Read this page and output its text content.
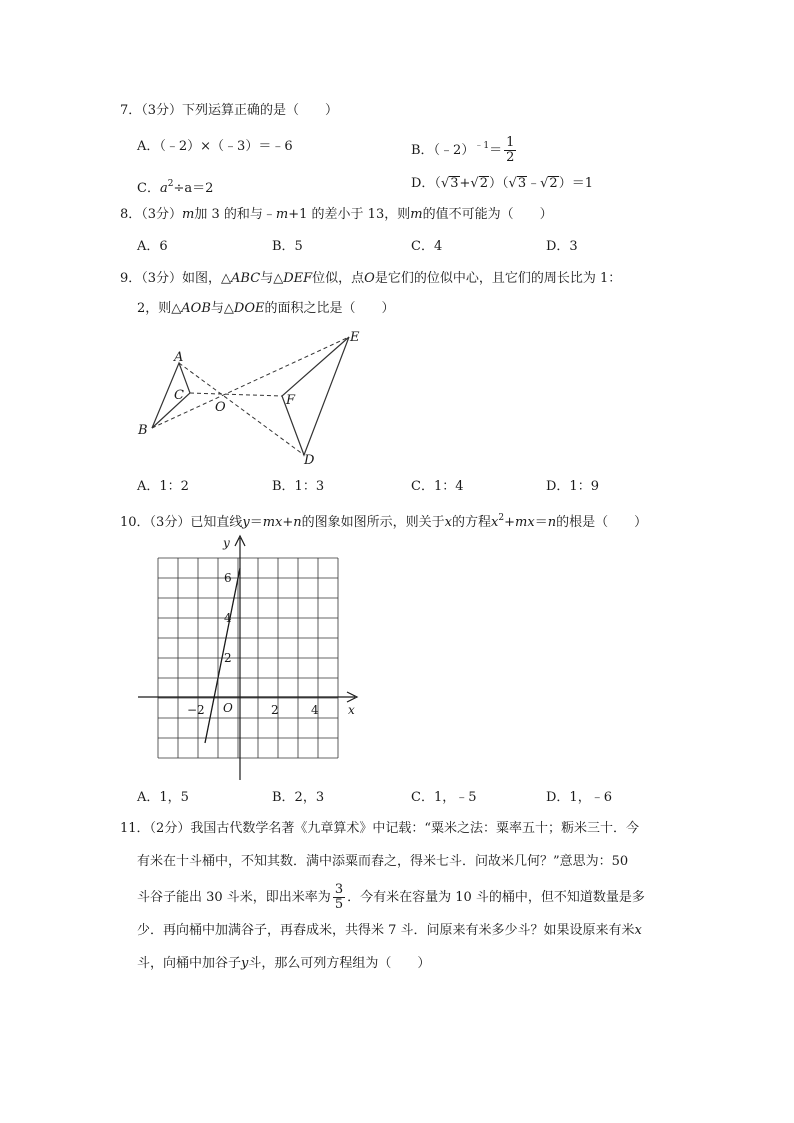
7．（3分）下列运算正确的是（　　）
A．（﹣2）×（﹣3）＝﹣6	B．（﹣2）$^{﹣1}$＝ $\frac{1}{2}$
C．$a^2\div a=2$	D．（√3+√2）（√3﹣√2）＝1
8．（3分）m加 3 的和与﹣m+1 的差小于 13，则m的值不可能为（　　）
A．6	B．5	C．4	D．3
9．（3分）如图，△ABC与△DEF位似，点O是它们的位似中心，且它们的周长比为 1：
2，则△AOB与△DOE的面积之比是（　　）
A
B
C
O	F
E
D
A．1：2	B．1：3	C．1：4	D．1：9
10．（3分）已知直线y＝mx+n的图象如图所示，则关于x的方程$x^2+mx=n$的根是（　　）
y
x
O
6
4
2
−2	2	4
A．1，5	B．2，3	C．1，﹣5	D．1，﹣6
11．（2分）我国古代数学名著《九章算术》中记载：“粟米之法：粟率五十；粝米三十．今
有米在十斗桶中，不知其数．满中添粟而舂之，得米七斗．问故米几何？”意思为：50
斗谷子能出 30 斗米，即出米率为 $\frac{3}{5}$ ．今有米在容量为 10 斗的桶中，但不知道数量是多
少．再向桶中加满谷子，再舂成米，共得米 7 斗．问原来有米多少斗？如果设原来有米x
斗，向桶中加谷子y斗，那么可列方程组为（　　）
